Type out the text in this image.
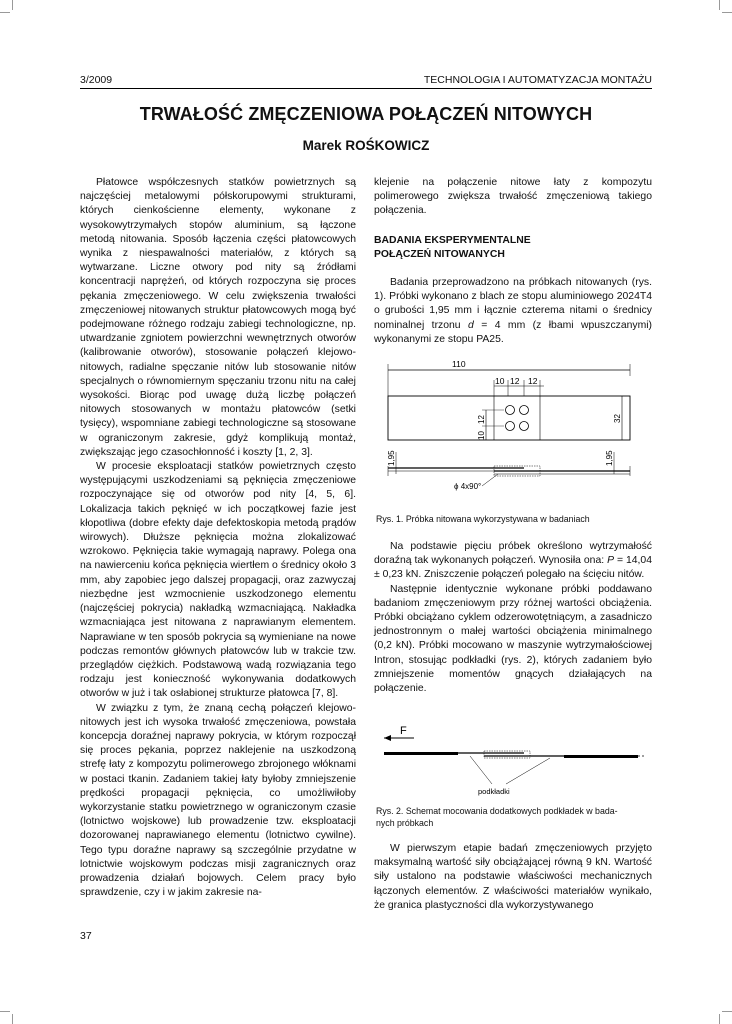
3/2009	TECHNOLOGIA I AUTOMATYZACJA MONTAŻU
TRWAŁOŚĆ ZMĘCZENIOWA POŁĄCZEŃ NITOWYCH
Marek ROŚKOWICZ

Płatowce współczesnych statków powietrznych są najczęściej metalowymi półskorupowymi strukturami, których cienkościenne elementy, wykonane z wysokowytrzymałych stopów aluminium, są łączone metodą nitowania. Sposób łączenia części płatowcowych wynika z niespawalności materiałów, z których są wytwarzane. Liczne otwory pod nity są źródłami koncentracji naprężeń, od których rozpoczyna się proces pękania zmęczeniowego. W celu zwiększenia trwałości zmęczeniowej nitowanych struktur płatowcowych mogą być podejmowane różnego rodzaju zabiegi technologiczne, np. utwardzanie zgniotem powierzchni wewnętrznych otworów (kalibrowanie otworów), stosowanie połączeń klejowo-nitowych, radialne spęczanie nitów lub stosowanie nitów specjalnych o równomiernym spęczaniu trzonu nitu na całej wysokości. Biorąc pod uwagę dużą liczbę połączeń nitowych stosowanych w montażu płatowców (setki tysięcy), wspomniane zabiegi technologiczne są stosowane w ograniczonym zakresie, gdyż komplikują montaż, zwiększając jego czasochłonność i koszty [1, 2, 3].

W procesie eksploatacji statków powietrznych często występującymi uszkodzeniami są pęknięcia zmęczeniowe rozpoczynające się od otworów pod nity [4, 5, 6]. Lokalizacja takich pęknięć w ich początkowej fazie jest kłopotliwa (dobre efekty daje defektoskopia metodą prądów wirowych). Dłuższe pęknięcia można zlokalizować wzrokowo. Pęknięcia takie wymagają naprawy. Polega ona na nawierceniu końca pęknięcia wiertłem o średnicy około 3 mm, aby zapobiec jego dalszej propagacji, oraz zazwyczaj niezbędne jest wzmocnienie uszkodzonego elementu (najczęściej pokrycia) nakładką wzmacniającą. Nakładka wzmacniająca jest nitowana z naprawianym elementem. Naprawiane w ten sposób pokrycia są wymieniane na nowe podczas remontów głównych płatowców lub w trakcie tzw. przeglądów ciężkich. Podstawową wadą rozwiązania tego rodzaju jest konieczność wykonywania dodatkowych otworów w już i tak osłabionej strukturze płatowca [7, 8].

W związku z tym, że znaną cechą połączeń klejowo-nitowych jest ich wysoka trwałość zmęczeniowa, powstała koncepcja doraźnej naprawy pokrycia, w którym rozpoczął się proces pękania, poprzez naklejenie na uszkodzoną strefę łaty z kompozytu polimerowego zbrojonego włóknami w postaci tkanin. Zadaniem takiej łaty byłoby zmniejszenie prędkości propagacji pęknięcia, co umożliwiłoby wykorzystanie statku powietrznego w ograniczonym czasie (lotnictwo wojskowe) lub prowadzenie tzw. eksploatacji dozorowanej naprawianego elementu (lotnictwo cywilne). Tego typu doraźne naprawy są szczególnie przydatne w lotnictwie wojskowym podczas misji zagranicznych oraz prowadzenia działań bojowych. Celem pracy było sprawdzenie, czy i w jakim zakresie na-

klejenie na połączenie nitowe łaty z kompozytu polimerowego zwiększa trwałość zmęczeniową takiego połączenia.
BADANIA EKSPERYMENTALNE
POŁĄCZEŃ NITOWANYCH

Badania przeprowadzono na próbkach nitowanych (rys. 1). Próbki wykonano z blach ze stopu aluminiowego 2024T4 o grubości 1,95 mm i łącznie czterema nitami o średnicy nominalnej trzonu d = 4 mm (z łbami wpuszczanymi) wykonanymi ze stopu PA25.

110
10 12 12
10
12	32
1,95	1,95
ϕ 4x90°
Rys. 1. Próbka nitowana wykorzystywana w badaniach

Na podstawie pięciu próbek określono wytrzymałość doraźną tak wykonanych połączeń. Wynosiła ona: P = 14,04 ± 0,23 kN. Zniszczenie połączeń polegało na ścięciu nitów.

Następnie identycznie wykonane próbki poddawano badaniom zmęczeniowym przy różnej wartości obciążenia. Próbki obciążano cyklem odzerowotętniącym, a zasadniczo jednostronnym o małej wartości obciążenia minimalnego (0,2 kN). Próbki mocowano w maszynie wytrzymałościowej Intron, stosując podkładki (rys. 2), których zadaniem było zmniejszenie momentów gnących działających na połączenie.

F
podkładki
Rys. 2. Schemat mocowania dodatkowych podkładek w bada-
nych próbkach

W pierwszym etapie badań zmęczeniowych przyjęto maksymalną wartość siły obciążającej równą 9 kN. Wartość siły ustalono na podstawie właściwości mechanicznych łączonych elementów. Z właściwości materiałów wynikało, że granica plastyczności dla wykorzystywanego

37
